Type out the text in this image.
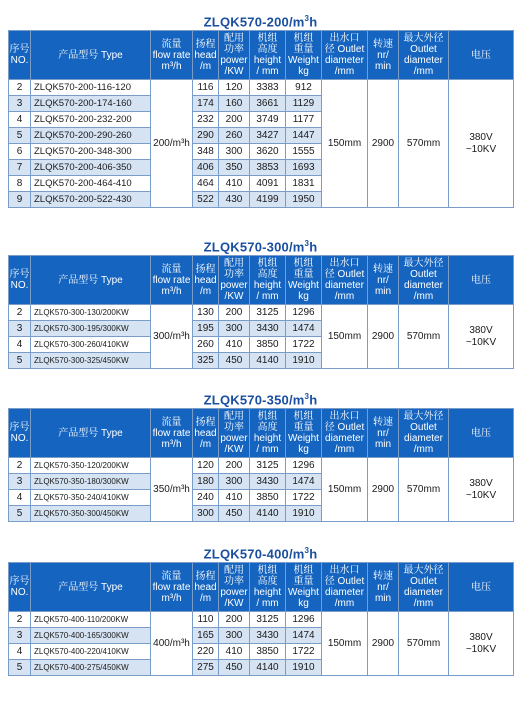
$ZLQK570-200/m^3h$
序号
NO.	产品型号 Type	流量
flow rate
m³/h	扬程
head
/m	配用
功率
power
/KW	机组
高度
height
/ mm	机组
重量
Weight
kg	出水口
径 Outlet
diameter
/mm	转速
nr/
min	最大外径
Outlet
diameter
/mm	电压
2	ZLQK570-200-116-120	200/m³h	116	120	3383	912	150mm	2900	570mm	380V
~10KV
3	ZLQK570-200-174-160		174	160	3661	1129				
4	ZLQK570-200-232-200		232	200	3749	1177				
5	ZLQK570-200-290-260		290	260	3427	1447				
6	ZLQK570-200-348-300		348	300	3620	1555				
7	ZLQK570-200-406-350		406	350	3853	1693				
8	ZLQK570-200-464-410		464	410	4091	1831				
9	ZLQK570-200-522-430		522	430	4199	1950				
$ZLQK570-300/m^3h$
序号
NO.	产品型号 Type	流量
flow rate
m³/h	扬程
head
/m	配用
功率
power
/KW	机组
高度
height
/ mm	机组
重量
Weight
kg	出水口
径 Outlet
diameter
/mm	转速
nr/
min	最大外径
Outlet
diameter
/mm	电压
2	ZLQK570-300-130/200KW	300/m³h	130	200	3125	1296	150mm	2900	570mm	380V
~10KV
3	ZLQK570-300-195/300KW		195	300	3430	1474				
4	ZLQK570-300-260/410KW		260	410	3850	1722				
5	ZLQK570-300-325/450KW		325	450	4140	1910				
$ZLQK570-350/m^3h$
序号
NO.	产品型号 Type	流量
flow rate
m³/h	扬程
head
/m	配用
功率
power
/KW	机组
高度
height
/ mm	机组
重量
Weight
kg	出水口
径 Outlet
diameter
/mm	转速
nr/
min	最大外径
Outlet
diameter
/mm	电压
2	ZLQK570-350-120/200KW	350/m³h	120	200	3125	1296	150mm	2900	570mm	380V
~10KV
3	ZLQK570-350-180/300KW		180	300	3430	1474				
4	ZLQK570-350-240/410KW		240	410	3850	1722				
5	ZLQK570-350-300/450KW		300	450	4140	1910				
$ZLQK570-400/m^3h$
序号
NO.	产品型号 Type	流量
flow rate
m³/h	扬程
head
/m	配用
功率
power
/KW	机组
高度
height
/ mm	机组
重量
Weight
kg	出水口
径 Outlet
diameter
/mm	转速
nr/
min	最大外径
Outlet
diameter
/mm	电压
2	ZLQK570-400-110/200KW	400/m³h	110	200	3125	1296	150mm	2900	570mm	380V
~10KV
3	ZLQK570-400-165/300KW		165	300	3430	1474				
4	ZLQK570-400-220/410KW		220	410	3850	1722				
5	ZLQK570-400-275/450KW		275	450	4140	1910				
